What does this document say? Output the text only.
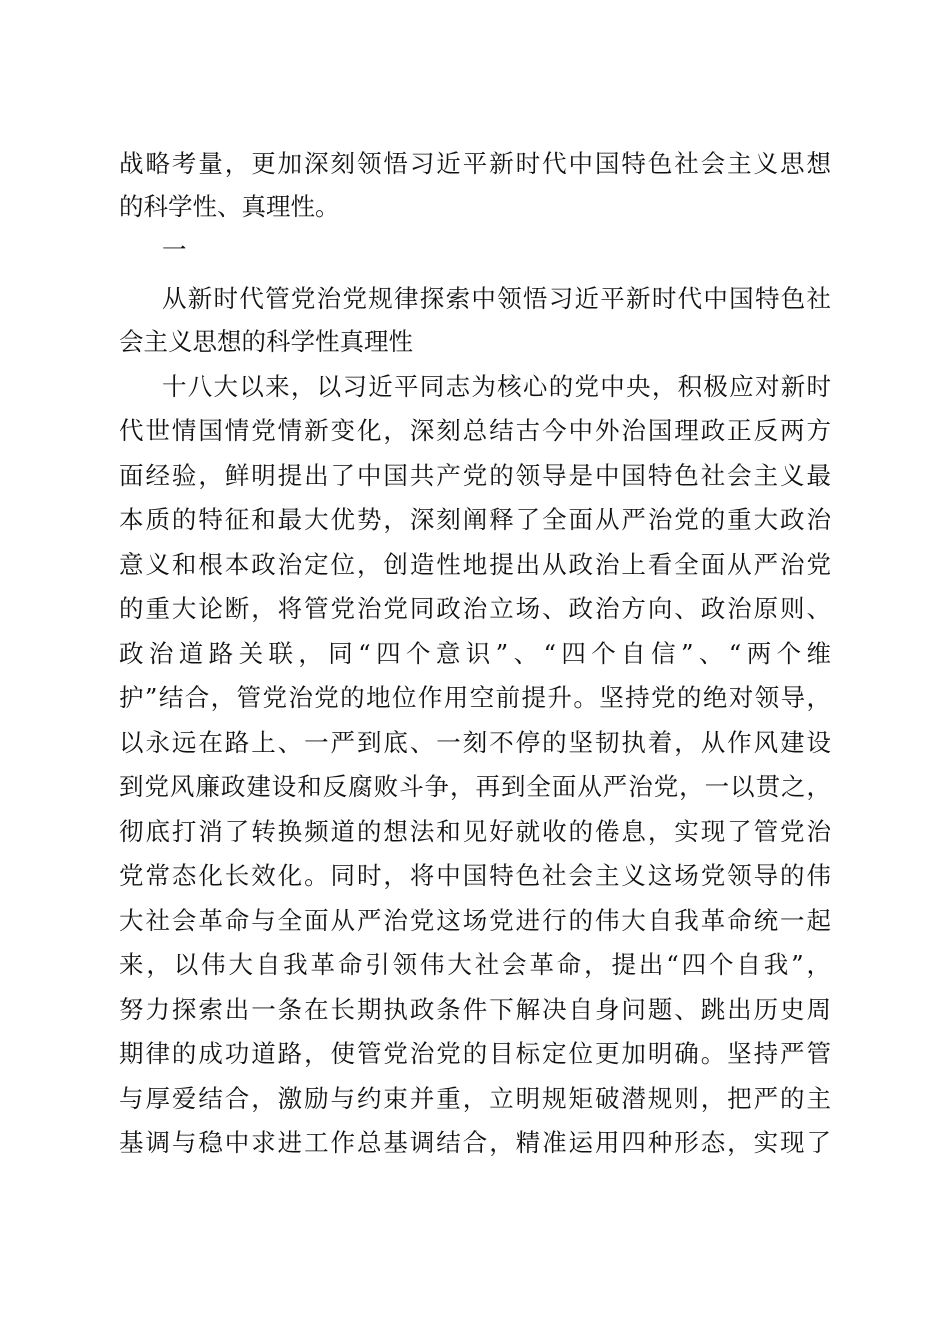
战略考量，更加深刻领悟习近平新时代中国特色社会主义思想
的科学性、真理性。
一
从新时代管党治党规律探索中领悟习近平新时代中国特色社
会主义思想的科学性真理性
十八大以来，以习近平同志为核心的党中央，积极应对新时
代世情国情党情新变化，深刻总结古今中外治国理政正反两方
面经验，鲜明提出了中国共产党的领导是中国特色社会主义最
本质的特征和最大优势，深刻阐释了全面从严治党的重大政治
意义和根本政治定位，创造性地提出从政治上看全面从严治党
的重大论断，将管党治党同政治立场、政治方向、政治原则、
政治道路关联，同“四个意识”、“四个自信”、“两个维
护”结合，管党治党的地位作用空前提升。坚持党的绝对领导，
以永远在路上、一严到底、一刻不停的坚韧执着，从作风建设
到党风廉政建设和反腐败斗争，再到全面从严治党，一以贯之，
彻底打消了转换频道的想法和见好就收的倦息，实现了管党治
党常态化长效化。同时，将中国特色社会主义这场党领导的伟
大社会革命与全面从严治党这场党进行的伟大自我革命统一起
来，以伟大自我革命引领伟大社会革命，提出“四个自我”，
努力探索出一条在长期执政条件下解决自身问题、跳出历史周
期律的成功道路，使管党治党的目标定位更加明确。坚持严管
与厚爱结合，激励与约束并重，立明规矩破潜规则，把严的主
基调与稳中求进工作总基调结合，精准运用四种形态，实现了
